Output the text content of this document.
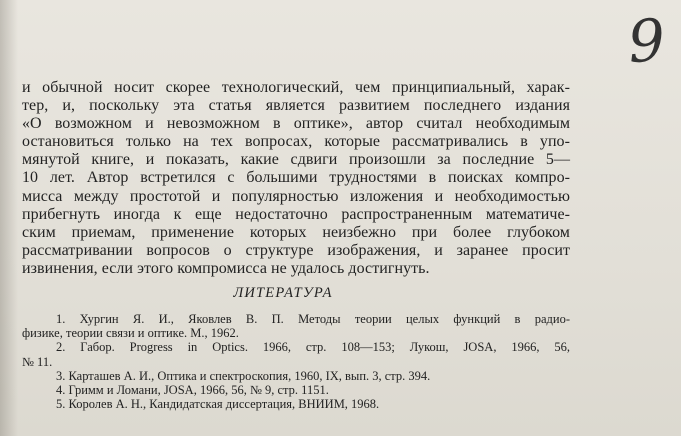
9
и обычной носит скорее технологический, чем принципиальный, харак-
тер, и, поскольку эта статья является развитием последнего издания
«О возможном и невозможном в оптике», автор считал необходимым
остановиться только на тех вопросах, которые рассматривались в упо-
мянутой книге, и показать, какие сдвиги произошли за последние 5—
10 лет. Автор встретился с большими трудностями в поисках компро-
мисса между простотой и популярностью изложения и необходимостью
прибегнуть иногда к еще недостаточно распространенным математиче-
ским приемам, применение которых неизбежно при более глубоком
рассматривании вопросов о структуре изображения, и заранее просит
извинения, если этого компромисса не удалось достигнуть.
ЛИТЕРАТУРА
1. Хургин Я. И., Яковлев В. П. Методы теории целых функций в радио-
физике, теории связи и оптике. М., 1962.
2. Габор. Progress in Optics. 1966, стр. 108—153; Лукош, JOSA, 1966, 56,
№ 11.
3. Карташев А. И., Оптика и спектроскопия, 1960, IX, вып. 3, стр. 394.
4. Гримм и Ломани, JOSA, 1966, 56, № 9, стр. 1151.
5. Королев А. Н., Кандидатская диссертация, ВНИИМ, 1968.
